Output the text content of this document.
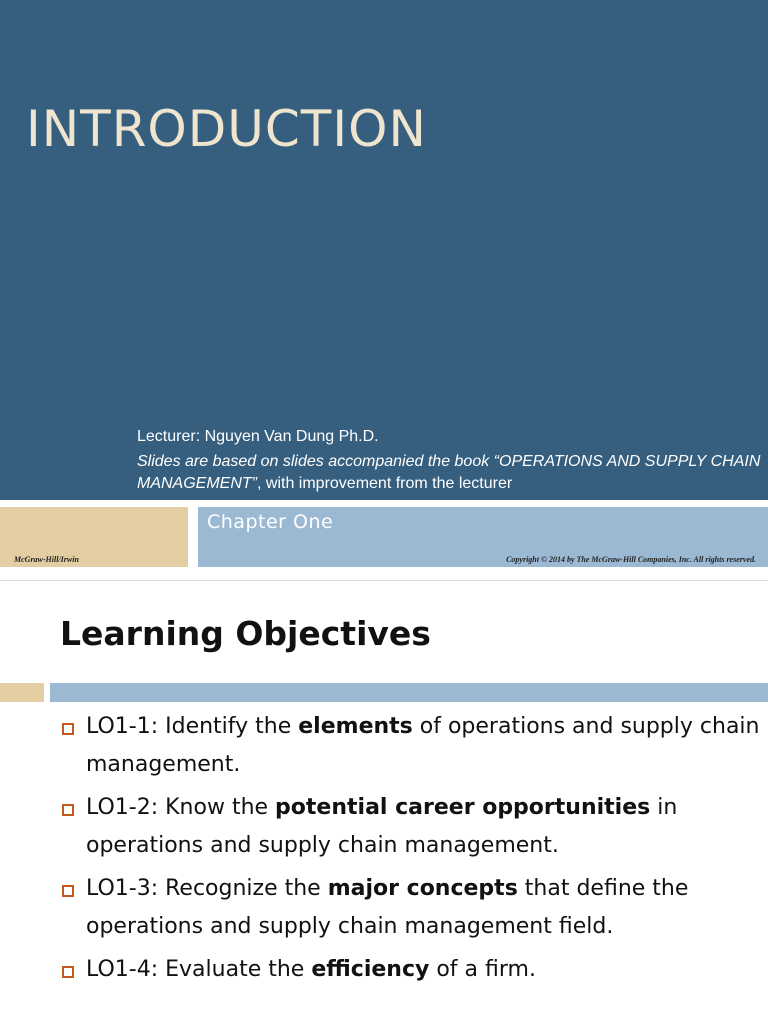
INTRODUCTION
Lecturer: Nguyen Van Dung Ph.D.
Slides are based on slides accompanied the book “OPERATIONS AND SUPPLY CHAIN MANAGEMENT”, with improvement from the lecturer
Chapter One
McGraw-Hill/Irwin	Copyright © 2014 by The McGraw-Hill Companies, Inc. All rights reserved.
Learning Objectives
LO1-1: Identify the elements of operations and supply chain management.
LO1-2: Know the potential career opportunities in operations and supply chain management.
LO1-3: Recognize the major concepts that define the operations and supply chain management field.
LO1-4: Evaluate the efficiency of a firm.
